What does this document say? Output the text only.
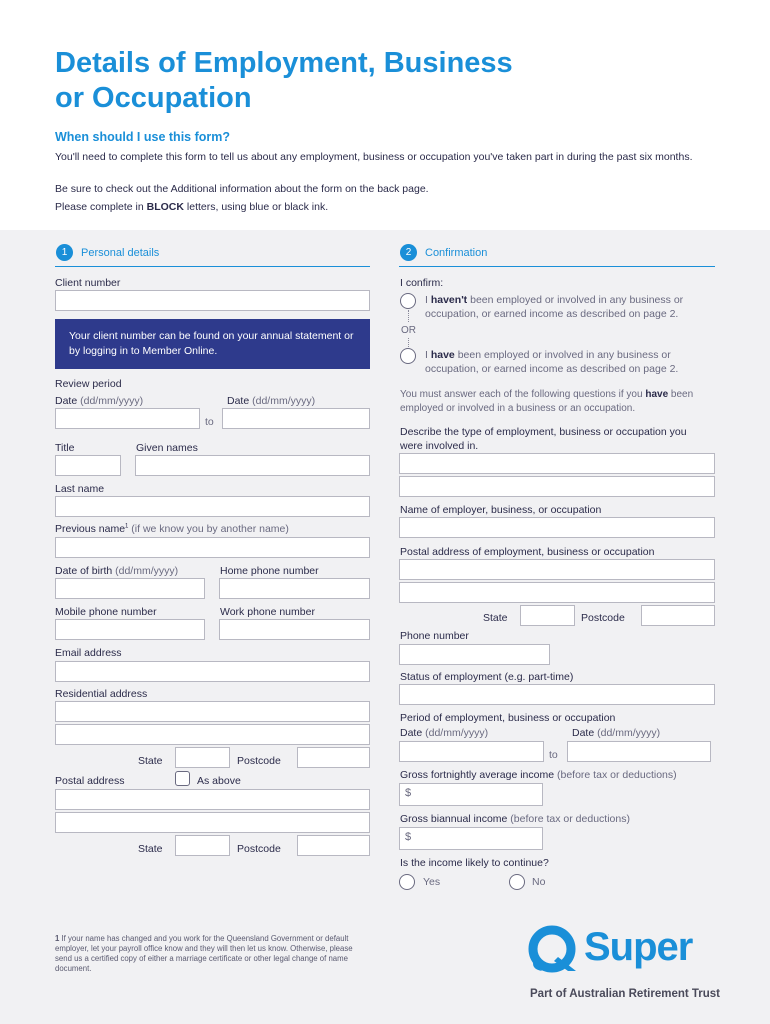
Details of Employment, Business
or Occupation
When should I use this form?
You'll need to complete this form to tell us about any employment, business or occupation you've taken part in during the past six months.
Be sure to check out the Additional information about the form on the back page.
Please complete in BLOCK letters, using blue or black ink.
1	Personal details
Client number
Your client number can be found on your annual statement or by logging in to Member Online.
Review period
Date (dd/mm/yyyy)	Date (dd/mm/yyyy)
to
Title	Given names
Last name
Previous name$^1$ (if we know you by another name)
Date of birth (dd/mm/yyyy)	Home phone number
Mobile phone number	Work phone number
Email address
Residential address
State	Postcode
Postal address	As above
State	Postcode
2	Confirmation
I confirm:
I haven't been employed or involved in any business or occupation, or earned income as described on page 2.
OR
I have been employed or involved in any business or occupation, or earned income as described on page 2.
You must answer each of the following questions if you have been employed or involved in a business or an occupation.
Describe the type of employment, business or occupation you were involved in.
Name of employer, business, or occupation
Postal address of employment, business or occupation
State	Postcode
Phone number
Status of employment (e.g. part-time)
Period of employment, business or occupation
Date (dd/mm/yyyy)	Date (dd/mm/yyyy)
to
Gross fortnightly average income (before tax or deductions)
$
Gross biannual income (before tax or deductions)
$
Is the income likely to continue?
Yes	No
1 If your name has changed and you work for the Queensland Government or default employer, let your payroll office know and they will then let us know. Otherwise, please send us a certified copy of either a marriage certificate or other legal change of name document.	Super
Part of Australian Retirement Trust
